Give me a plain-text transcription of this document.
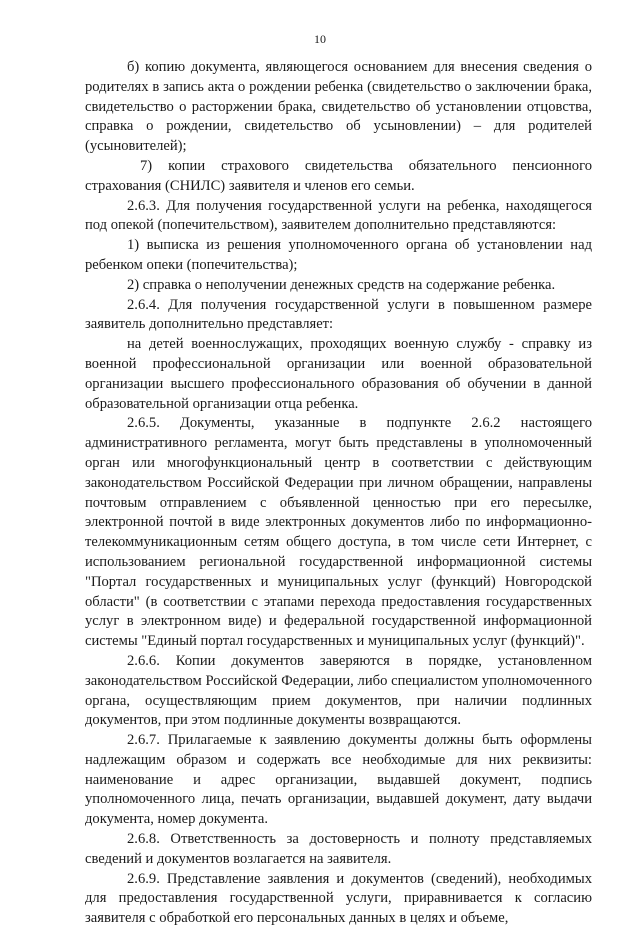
10

б) копию документа, являющегося основанием для внесения сведения о родителях в запись акта о рождении ребенка (свидетельство о заключении брака, свидетельство о расторжении брака, свидетельство об установлении отцовства, справка о рождении, свидетельство об усыновлении) – для родителей (усыновителей);

7) копии страхового свидетельства обязательного пенсионного страхования (СНИЛС) заявителя и членов его семьи.

2.6.3. Для получения государственной услуги на ребенка, находящегося под опекой (попечительством), заявителем дополнительно представляются:

1) выписка из решения уполномоченного органа об установлении над ребенком опеки (попечительства);

2) справка о неполучении денежных средств на содержание ребенка.

2.6.4. Для получения государственной услуги в повышенном размере заявитель дополнительно представляет:

на детей военнослужащих, проходящих военную службу - справку из военной профессиональной организации или военной образовательной организации высшего профессионального образования об обучении в данной образовательной организации отца ребенка.

2.6.5. Документы, указанные в подпункте 2.6.2 настоящего административного регламента, могут быть представлены в уполномоченный орган или многофункциональный центр в соответствии с действующим законодательством Российской Федерации при личном обращении, направлены почтовым отправлением с объявленной ценностью при его пересылке, электронной почтой в виде электронных документов либо по информационно-телекоммуникационным сетям общего доступа, в том числе сети Интернет, с использованием региональной государственной информационной системы "Портал государственных и муниципальных услуг (функций) Новгородской области" (в соответствии с этапами перехода предоставления государственных услуг в электронном виде) и федеральной государственной информационной системы "Единый портал государственных и муниципальных услуг (функций)".

2.6.6. Копии документов заверяются в порядке, установленном законодательством Российской Федерации, либо специалистом уполномоченного органа, осуществляющим прием документов, при наличии подлинных документов, при этом подлинные документы возвращаются.

2.6.7. Прилагаемые к заявлению документы должны быть оформлены надлежащим образом и содержать все необходимые для них реквизиты: наименование и адрес организации, выдавшей документ, подпись уполномоченного лица, печать организации, выдавшей документ, дату выдачи документа, номер документа.

2.6.8. Ответственность за достоверность и полноту представляемых сведений и документов возлагается на заявителя.

2.6.9. Представление заявления и документов (сведений), необходимых для предоставления государственной услуги, приравнивается к согласию заявителя с обработкой его персональных данных в целях и объеме,
